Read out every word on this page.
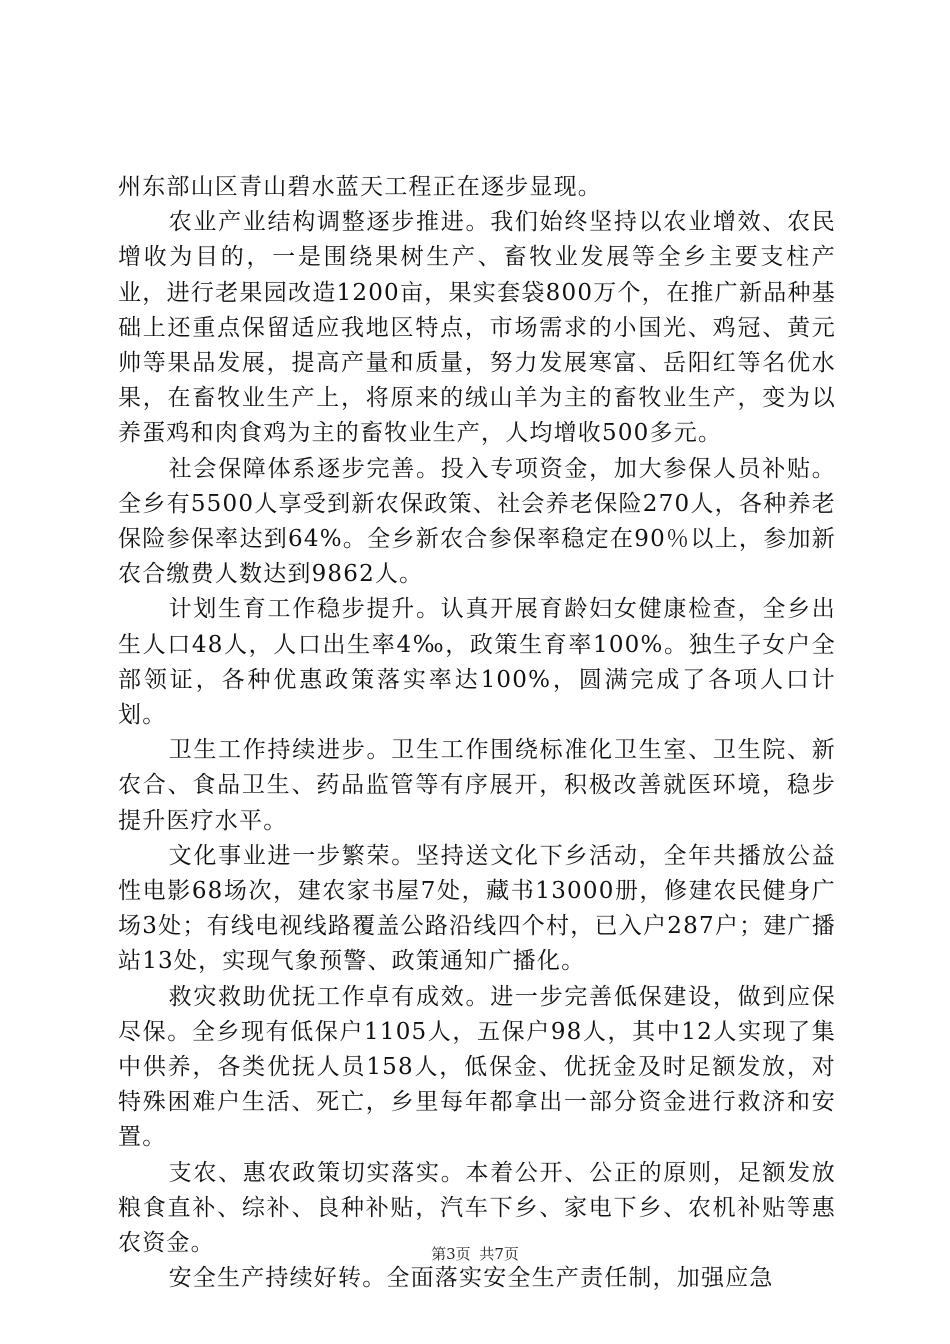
州东部山区青山碧水蓝天工程正在逐步显现。

农业产业结构调整逐步推进。我们始终坚持以农业增效、农民增收为目的，一是围绕果树生产、畜牧业发展等全乡主要支柱产业，进行老果园改造1200亩，果实套袋800万个，在推广新品种基础上还重点保留适应我地区特点，市场需求的小国光、鸡冠、黄元帅等果品发展，提高产量和质量，努力发展寒富、岳阳红等名优水果，在畜牧业生产上，将原来的绒山羊为主的畜牧业生产，变为以养蛋鸡和肉食鸡为主的畜牧业生产，人均增收500多元。

社会保障体系逐步完善。投入专项资金，加大参保人员补贴。全乡有5500人享受到新农保政策、社会养老保险270人，各种养老保险参保率达到64%。全乡新农合参保率稳定在90％以上，参加新农合缴费人数达到9862人。

计划生育工作稳步提升。认真开展育龄妇女健康检查，全乡出生人口48人，人口出生率4‰，政策生育率100%。独生子女户全部领证，各种优惠政策落实率达100%，圆满完成了各项人口计划。

卫生工作持续进步。卫生工作围绕标准化卫生室、卫生院、新农合、食品卫生、药品监管等有序展开，积极改善就医环境，稳步提升医疗水平。

文化事业进一步繁荣。坚持送文化下乡活动，全年共播放公益性电影68场次，建农家书屋7处，藏书13000册，修建农民健身广场3处；有线电视线路覆盖公路沿线四个村，已入户287户；建广播站13处，实现气象预警、政策通知广播化。

救灾救助优抚工作卓有成效。进一步完善低保建设，做到应保尽保。全乡现有低保户1105人，五保户98人，其中12人实现了集中供养，各类优抚人员158人，低保金、优抚金及时足额发放，对特殊困难户生活、死亡，乡里每年都拿出一部分资金进行救济和安置。

支农、惠农政策切实落实。本着公开、公正的原则，足额发放粮食直补、综补、良种补贴，汽车下乡、家电下乡、农机补贴等惠农资金。

安全生产持续好转。全面落实安全生产责任制，加强应急

第3页 共7页
